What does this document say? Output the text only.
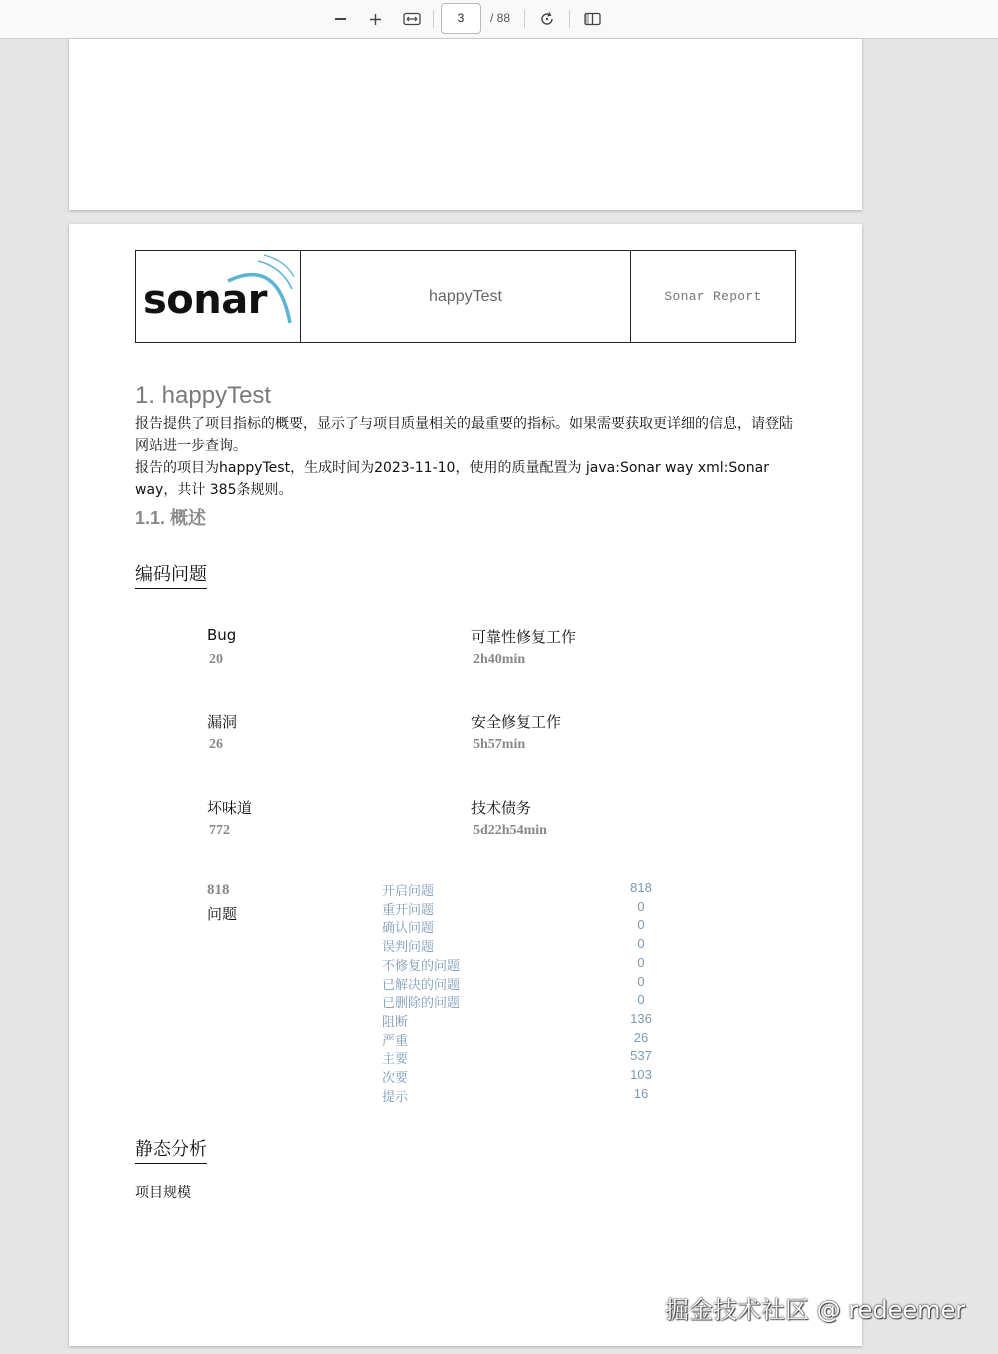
3	/ 88
sonar	happyTest	Sonar Report
1. happyTest
报告提供了项目指标的概要，显示了与项目质量相关的最重要的指标。如果需要获取更详细的信息，请登陆网站进一步查询。
报告的项目为happyTest，生成时间为2023-11-10，使用的质量配置为 java:Sonar way xml:Sonar way，共计 385条规则。
1.1. 概述
编码问题
Bug
20
可靠性修复工作
2h40min
漏洞
26
安全修复工作
5h57min
坏味道
772
技术债务
5d22h54min
818
问题
开启问题	818
重开问题	0
确认问题	0
误判问题	0
不修复的问题	0
已解决的问题	0
已删除的问题	0
阻断	136
严重	26
主要	537
次要	103
提示	16
静态分析
项目规模
掘金技术社区 @ redeemer
